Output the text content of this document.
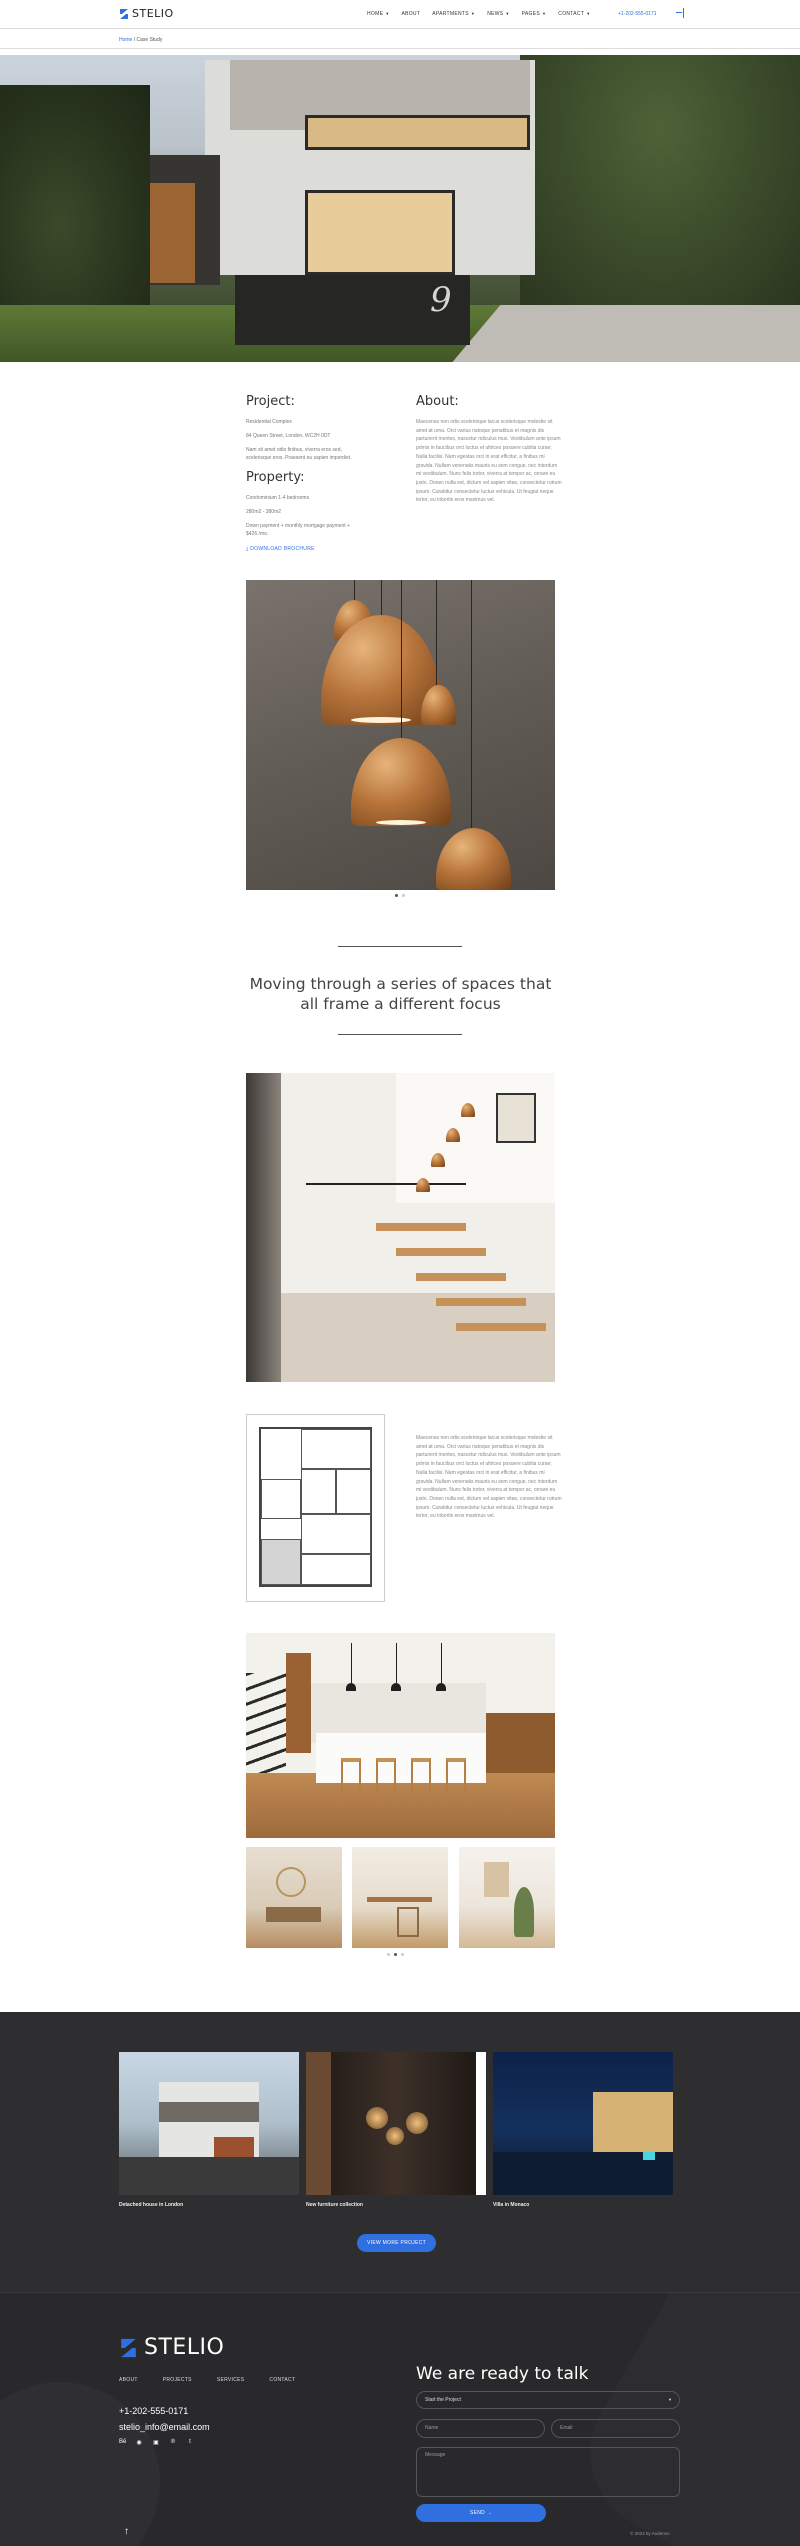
STELIO	HOME ▼ ABOUT APARTMENTS ▼ NEWS ▼ PAGES ▼ CONTACT ▼	+1-202-555-0171
Home / Case Study
9
Project:
Residential Complex
84 Queen Street, London, WC2H 0DT
Nam sit amet odio finibus, viverra eros sed,
scelerisque eros. Praesent eu sapien imperdiet.
Property:
Condominium 1-4 bedrooms
280m2 - 380m2
Down payment + monthly mortgage payment +
$426 /mo.
⤓ DOWNLOAD BROCHURE
About:
Maecenas non odio scelerisque lacus scelerisque molestie sit amet at urna. Orci varius natoque penatibus et magnis dis parturient montes, nascetur ridiculus mus. Vestibulum ante ipsum primis in faucibus orci luctus et ultrices posuere cubilia curae; Nulla facilisi. Nam egestas orci in erat efficitur, a finibus mi gravida. Nullam venenatis mauris eu sem congue, nec interdum mi vestibulum. Nunc felis tortor, viverra at tempor ac, ornare eu justo. Donec nulla est, dictum vel sapien vitae, consectetur rutrum ipsum. Curabitur consectetur luctus vehicula. Ut feugiat neque tortor, eu lobortis eros maximus vel.
Moving through a series of spaces that all frame a different focus
Maecenas non odio scelerisque lacus scelerisque molestie sit amet at urna. Orci varius natoque penatibus et magnis dis parturient montes, nascetur ridiculus mus. Vestibulum ante ipsum primis in faucibus orci luctus et ultrices posuere cubilia curae; Nulla facilisi. Nam egestas orci in erat efficitur, a finibus mi gravida. Nullam venenatis mauris eu sem congue, nec interdum mi vestibulum. Nunc felis tortor, viverra at tempor ac, ornare eu justo. Donec nulla est, dictum vel sapien vitae, consectetur rutrum ipsum. Curabitur consectetur luctus vehicula. Ut feugiat neque tortor, eu lobortis eros maximus vel.
Detached house in London	New furniture collection	Villa in Monaco
VIEW MORE PROJECT
STELIO
ABOUT	PROJECTS	SERVICES	CONTACT
+1-202-555-0171
stelio_info@email.com
Bē ◉ ▣ ℗	t
↑
We are ready to talk
Start the Project	▼
Name	Email
Message
SEND →
© 2023 by Andenno
